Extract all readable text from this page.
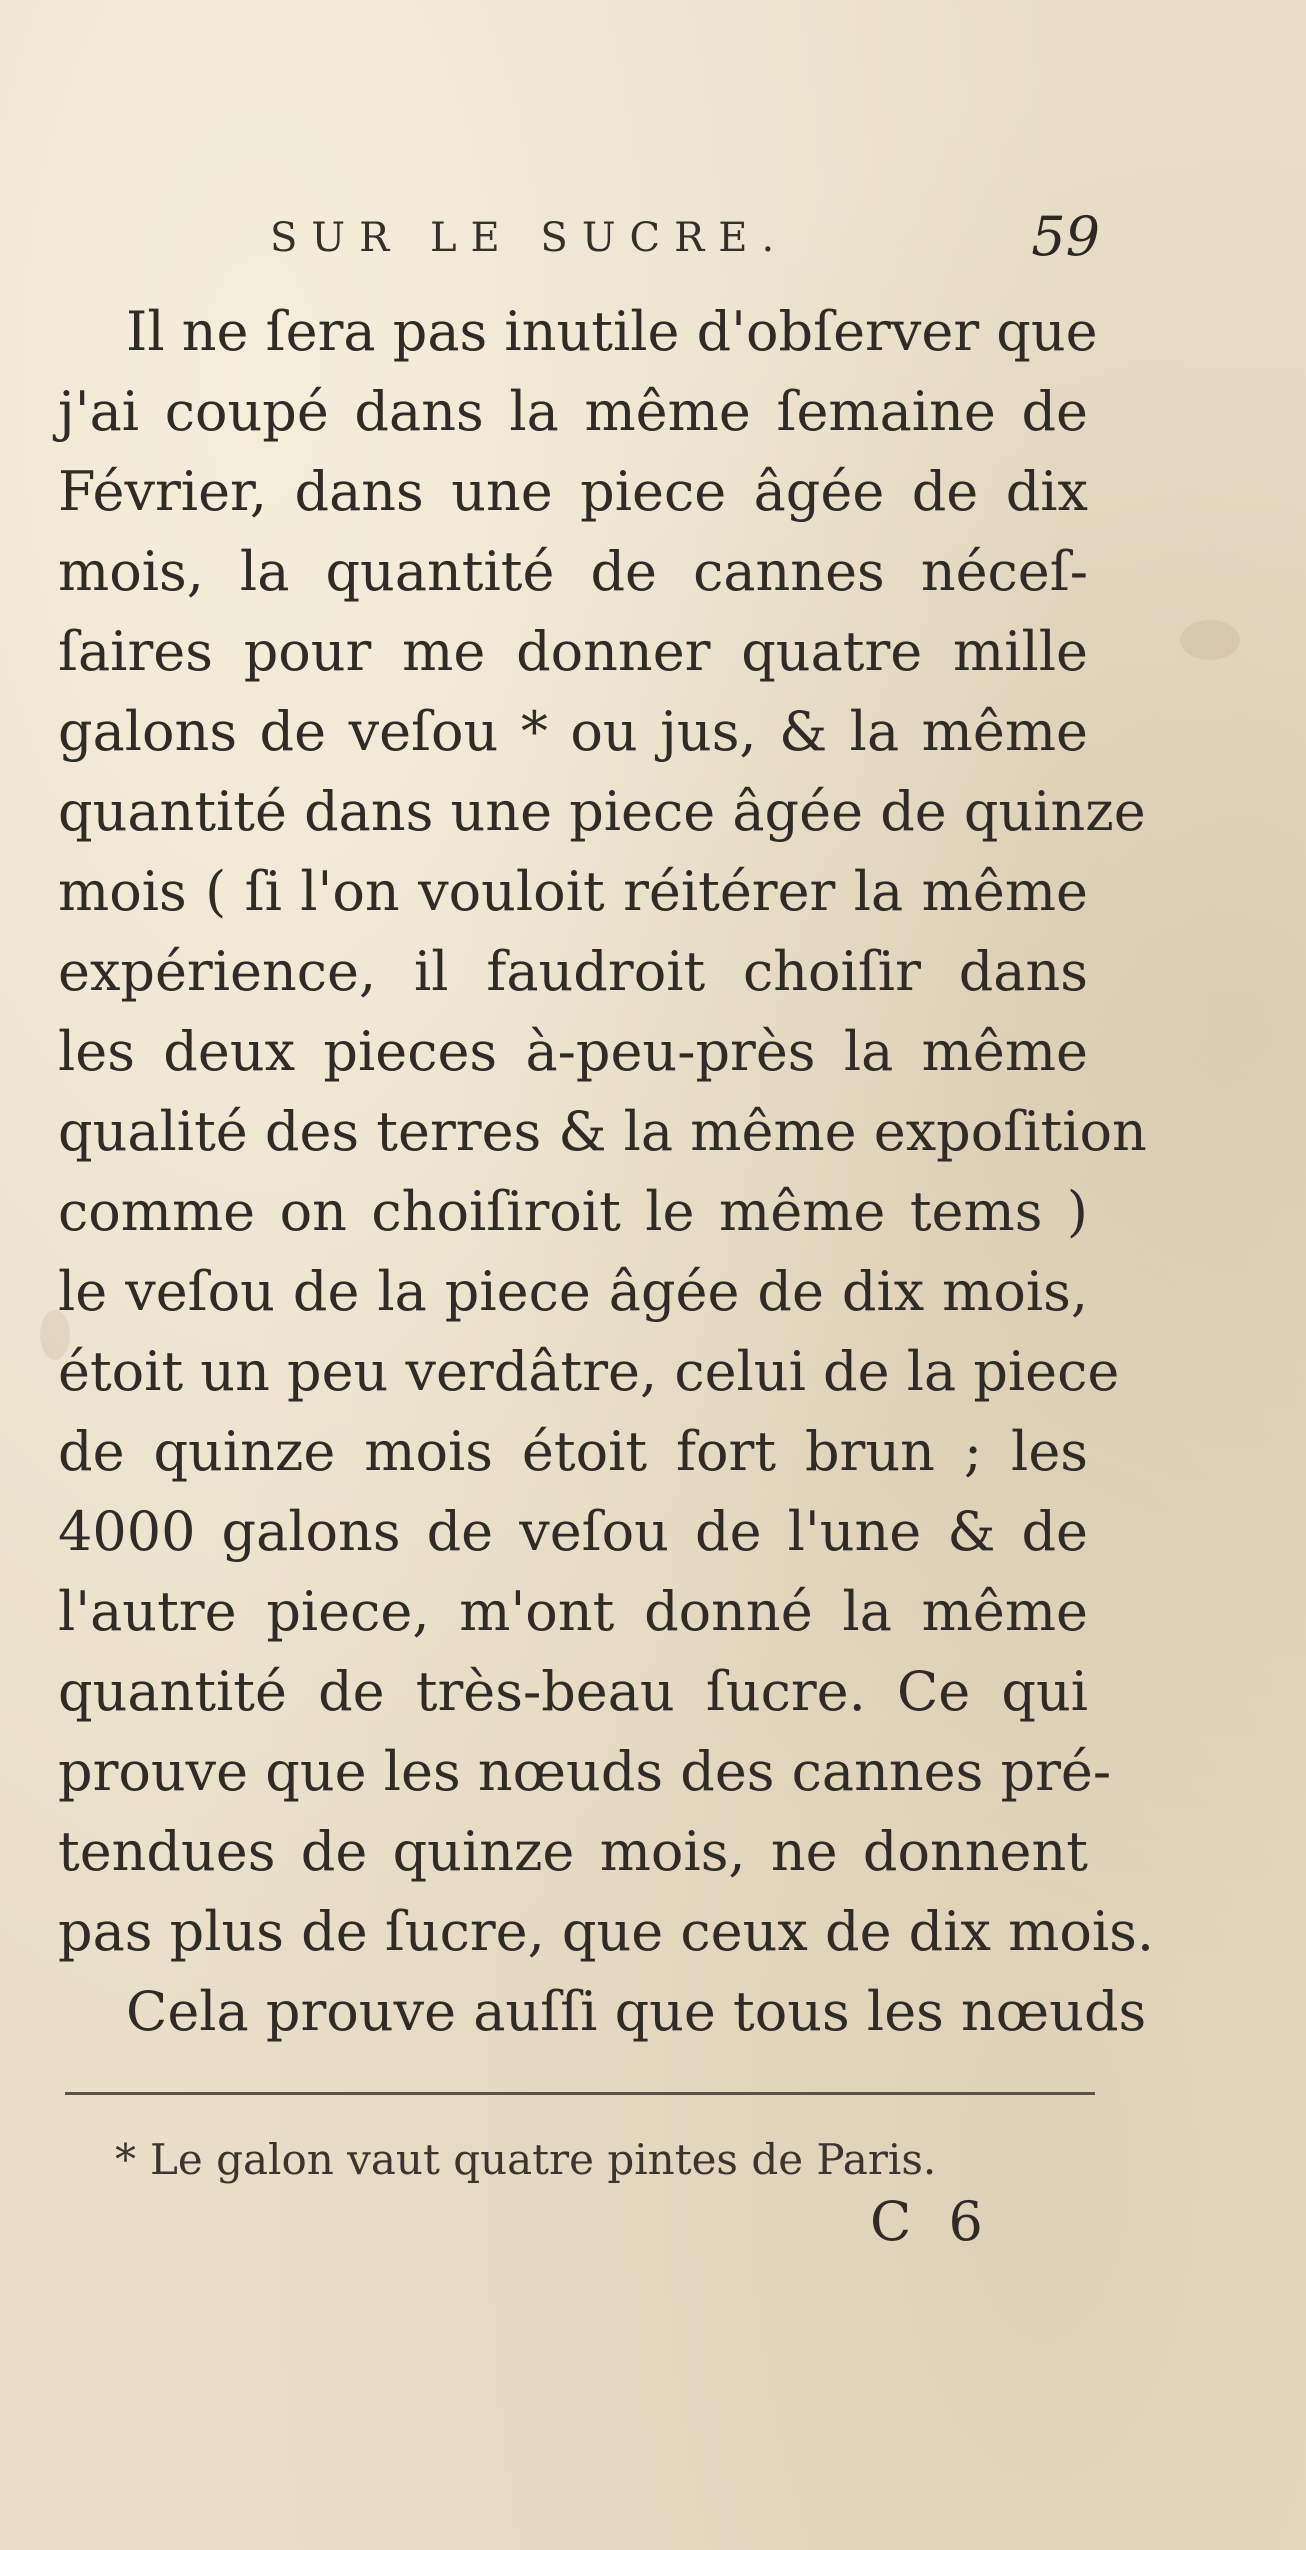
SUR LE SUCRE.	59
Il ne ſera pas inutile d'obſerver que
j'ai coupé dans la même ſemaine de
Février, dans une piece âgée de dix
mois, la quantité de cannes néceſ-
ſaires pour me donner quatre mille
galons de veſou * ou jus, & la même
quantité dans une piece âgée de quinze
mois ( ſi l'on vouloit réitérer la même
expérience, il faudroit choiſir dans
les deux pieces à-peu-près la même
qualité des terres & la même expoſition
comme on choiſiroit le même tems )
le veſou de la piece âgée de dix mois,
étoit un peu verdâtre, celui de la piece
de quinze mois étoit fort brun ; les
4000 galons de veſou de l'une & de
l'autre piece, m'ont donné la même
quantité de très-beau ſucre. Ce qui
prouve que les nœuds des cannes pré-
tendues de quinze mois, ne donnent
pas plus de ſucre, que ceux de dix mois.
Cela prouve auſſi que tous les nœuds
* Le galon vaut quatre pintes de Paris.
C 6
